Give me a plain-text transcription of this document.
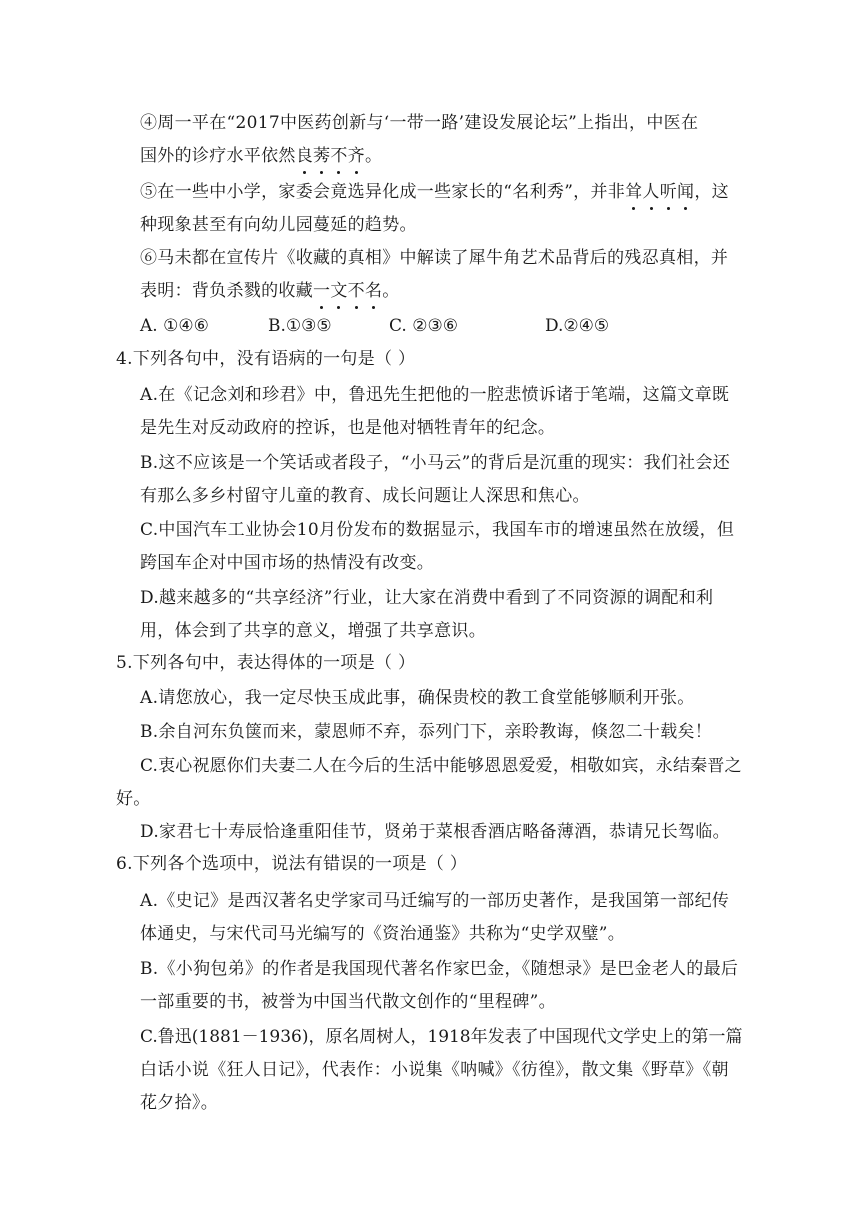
④周一平在“2017中医药创新与‘一带一路’建设发展论坛”上指出，中医在
国外的诊疗水平依然良莠不齐。
⑤在一些中小学，家委会竟选异化成一些家长的“名利秀”，并非耸人听闻，这
种现象甚至有向幼儿园蔓延的趋势。
⑥马未都在宣传片《收藏的真相》中解读了犀牛角艺术品背后的残忍真相，并
表明：背负杀戮的收藏一文不名。
A. ①④⑥	B.①③⑤	C. ②③⑥	D.②④⑤
4.下列各句中，没有语病的一句是（ ）
A.在《记念刘和珍君》中，鲁迅先生把他的一腔悲愤诉诸于笔端，这篇文章既
是先生对反动政府的控诉，也是他对牺牲青年的纪念。
B.这不应该是一个笑话或者段子，“小马云”的背后是沉重的现实：我们社会还
有那么多乡村留守儿童的教育、成长问题让人深思和焦心。
C.中国汽车工业协会10月份发布的数据显示，我国车市的增速虽然在放缓，但
跨国车企对中国市场的热情没有改变。
D.越来越多的“共享经济”行业，让大家在消费中看到了不同资源的调配和利
用，体会到了共享的意义，增强了共享意识。
5.下列各句中，表达得体的一项是（ ）
A.请您放心，我一定尽快玉成此事，确保贵校的教工食堂能够顺利开张。
B.余自河东负箧而来，蒙恩师不弃，忝列门下，亲聆教诲，倏忽二十载矣！
C.衷心祝愿你们夫妻二人在今后的生活中能够恩恩爱爱，相敬如宾，永结秦晋之
好。
D.家君七十寿辰恰逢重阳佳节，贤弟于菜根香酒店略备薄酒，恭请兄长驾临。
6.下列各个选项中，说法有错误的一项是（ ）
A.《史记》是西汉著名史学家司马迁编写的一部历史著作，是我国第一部纪传
体通史，与宋代司马光编写的《资治通鉴》共称为“史学双璧”。
B.《小狗包弟》的作者是我国现代著名作家巴金，《随想录》是巴金老人的最后
一部重要的书，被誉为中国当代散文创作的“里程碑”。
C.鲁迅(1881－1936)，原名周树人，1918年发表了中国现代文学史上的第一篇
白话小说《狂人日记》，代表作：小说集《呐喊》《彷徨》，散文集《野草》《朝
花夕拾》。
